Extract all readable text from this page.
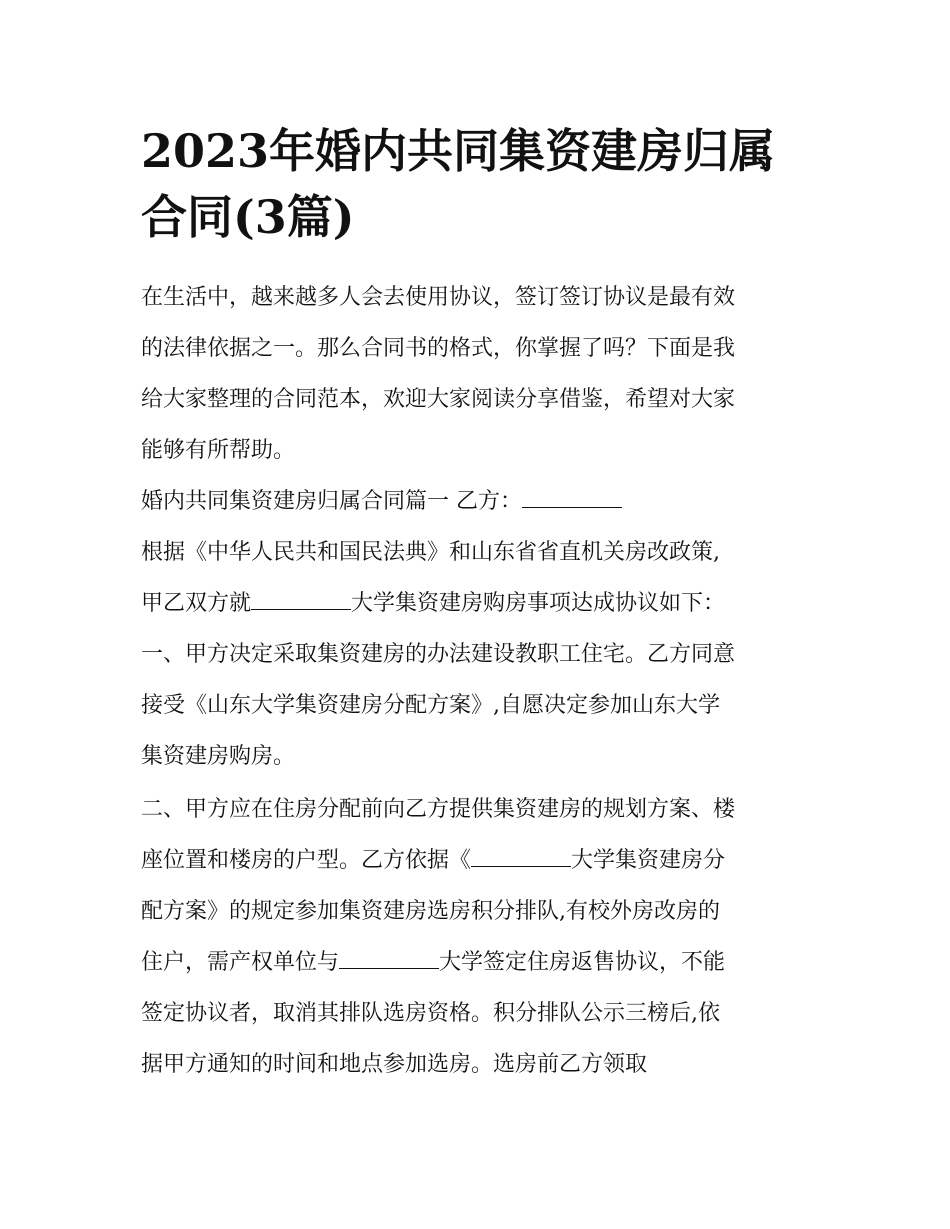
2023年婚内共同集资建房归属
合同(3篇)
在生活中，越来越多人会去使用协议，签订签订协议是最有效
的法律依据之一。那么合同书的格式，你掌握了吗？下面是我
给大家整理的合同范本，欢迎大家阅读分享借鉴，希望对大家
能够有所帮助。
婚内共同集资建房归属合同篇一 乙方：
根据《中华人民共和国民法典》和山东省省直机关房改政策,
甲乙双方就	大学集资建房购房事项达成协议如下：
一、甲方决定采取集资建房的办法建设教职工住宅。乙方同意
接受《山东大学集资建房分配方案》,自愿决定参加山东大学
集资建房购房。
二、甲方应在住房分配前向乙方提供集资建房的规划方案、楼
座位置和楼房的户型。乙方依据《	大学集资建房分
配方案》的规定参加集资建房选房积分排队,有校外房改房的
住户，需产权单位与	大学签定住房返售协议，不能
签定协议者，取消其排队选房资格。积分排队公示三榜后,依
据甲方通知的时间和地点参加选房。选房前乙方领取
